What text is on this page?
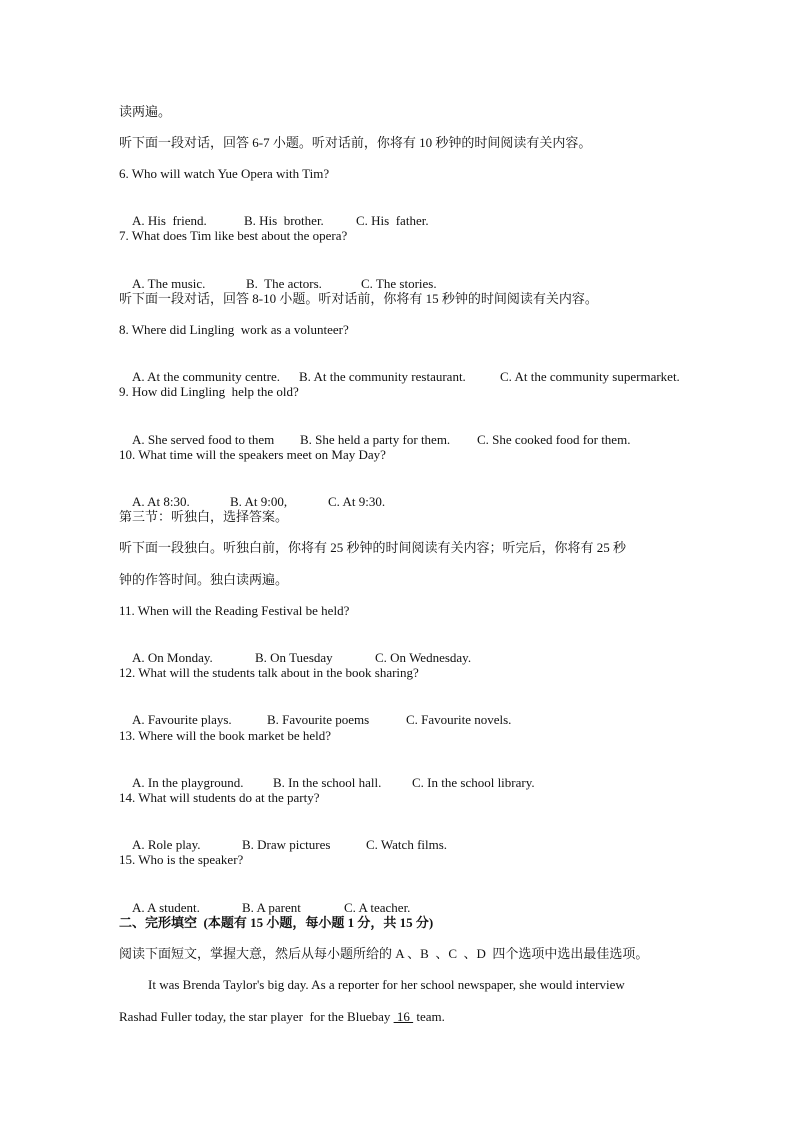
读两遍。
听下面一段对话，回答 6-7 小题。听对话前，你将有 10 秒钟的时间阅读有关内容。
6. Who will watch Yue Opera with Tim?

A. His  friend.	B. His  brother. C. His  father.

7. What does Tim like best about the opera?

A. The music.	B.  The actors.	C. The stories.

听下面一段对话，回答 8-10 小题。听对话前，你将有 15 秒钟的时间阅读有关内容。
8. Where did Lingling  work as a volunteer?

A. At the community centre. B. At the community restaurant.	C. At the community supermarket.

9. How did Lingling  help the old?

A. She served food to them B. She held a party for them. C. She cooked food for them.

10. What time will the speakers meet on May Day?

A. At 8:30.	B. At 9:00,	C. At 9:30.

第三节：听独白，选择答案。
听下面一段独白。听独白前，你将有 25 秒钟的时间阅读有关内容；听完后，你将有 25 秒
钟的作答时间。独白读两遍。
11. When will the Reading Festival be held?

A. On Monday.	B. On Tuesday	C. On Wednesday.

12. What will the students talk about in the book sharing?

A. Favourite plays.	B. Favourite poems	C. Favourite novels.

13. Where will the book market be held?

A. In the playground. B. In the school hall. C. In the school library.

14. What will students do at the party?

A. Role play.	B. Draw pictures	C. Watch films.

15. Who is the speaker?

A. A student.	B. A parent	C. A teacher.

二、完形填空  (本题有 15 小题，每小题 1 分，共 15 分)
阅读下面短文，掌握大意，然后从每小题所给的 A 、B  、C  、D  四个选项中选出最佳选项。
It was Brenda Taylor's big day. As a reporter for her school newspaper, she would interview
Rashad Fuller today, the star player  for the Bluebay  16  team.
